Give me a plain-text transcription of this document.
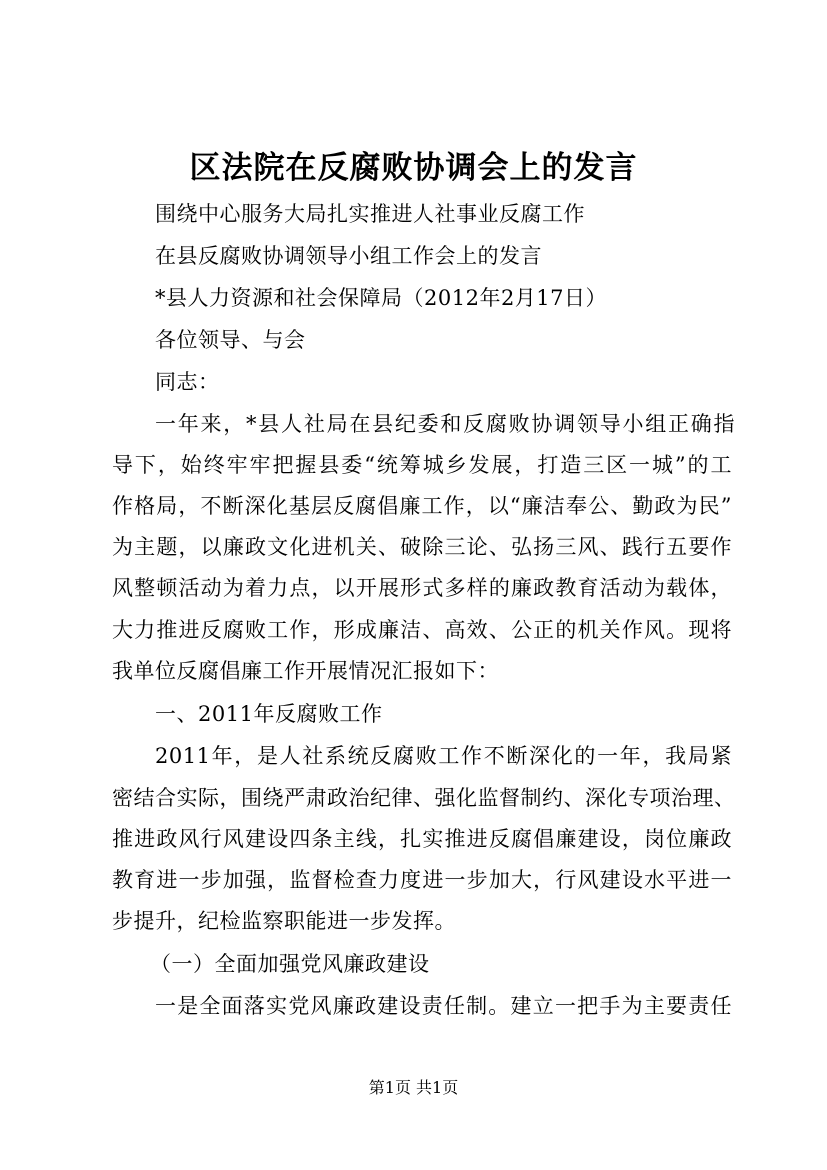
区法院在反腐败协调会上的发言
围绕中心服务大局扎实推进人社事业反腐工作
在县反腐败协调领导小组工作会上的发言
*县人力资源和社会保障局（2012年2月17日）
各位领导、与会
同志：
一年来，*县人社局在县纪委和反腐败协调领导小组正确指
导下，始终牢牢把握县委“统筹城乡发展，打造三区一城”的工
作格局，不断深化基层反腐倡廉工作，以“廉洁奉公、勤政为民”
为主题，以廉政文化进机关、破除三论、弘扬三风、践行五要作
风整顿活动为着力点，以开展形式多样的廉政教育活动为载体，
大力推进反腐败工作，形成廉洁、高效、公正的机关作风。现将
我单位反腐倡廉工作开展情况汇报如下：
一、2011年反腐败工作
2011年，是人社系统反腐败工作不断深化的一年，我局紧
密结合实际，围绕严肃政治纪律、强化监督制约、深化专项治理、
推进政风行风建设四条主线，扎实推进反腐倡廉建设，岗位廉政
教育进一步加强，监督检查力度进一步加大，行风建设水平进一
步提升，纪检监察职能进一步发挥。
（一）全面加强党风廉政建设
一是全面落实党风廉政建设责任制。建立一把手为主要责任
第1页 共1页
